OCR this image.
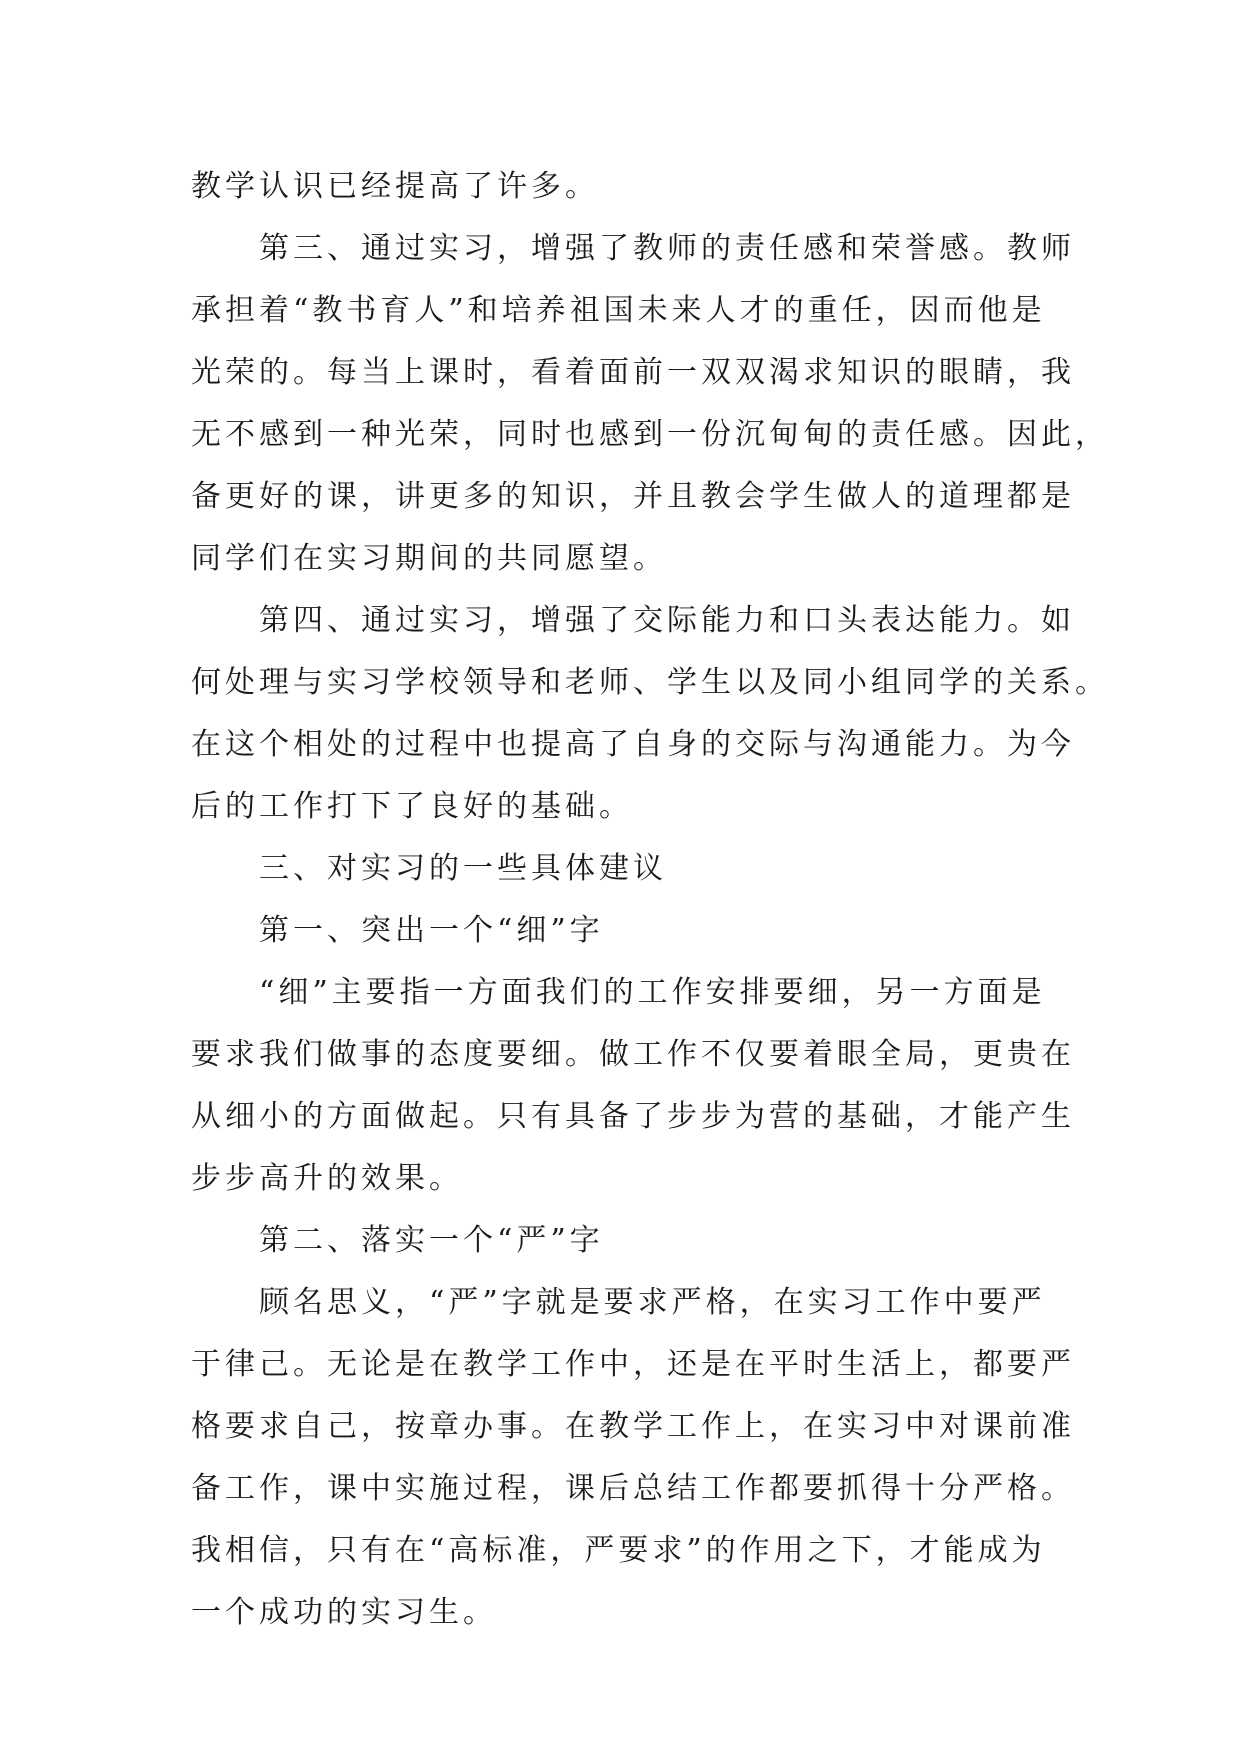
教学认识已经提高了许多。
　　第三、通过实习，增强了教师的责任感和荣誉感。教师
承担着“教书育人”和培养祖国未来人才的重任，因而他是
光荣的。每当上课时，看着面前一双双渴求知识的眼睛，我
无不感到一种光荣，同时也感到一份沉甸甸的责任感。因此，
备更好的课，讲更多的知识，并且教会学生做人的道理都是
同学们在实习期间的共同愿望。
　　第四、通过实习，增强了交际能力和口头表达能力。如
何处理与实习学校领导和老师、学生以及同小组同学的关系。
在这个相处的过程中也提高了自身的交际与沟通能力。为今
后的工作打下了良好的基础。
　　三、对实习的一些具体建议
　　第一、突出一个“细”字
　　“细”主要指一方面我们的工作安排要细，另一方面是
要求我们做事的态度要细。做工作不仅要着眼全局，更贵在
从细小的方面做起。只有具备了步步为营的基础，才能产生
步步高升的效果。
　　第二、落实一个“严”字
　　顾名思义，“严”字就是要求严格，在实习工作中要严
于律己。无论是在教学工作中，还是在平时生活上，都要严
格要求自己，按章办事。在教学工作上，在实习中对课前准
备工作，课中实施过程，课后总结工作都要抓得十分严格。
我相信，只有在“高标准，严要求”的作用之下，才能成为
一个成功的实习生。
